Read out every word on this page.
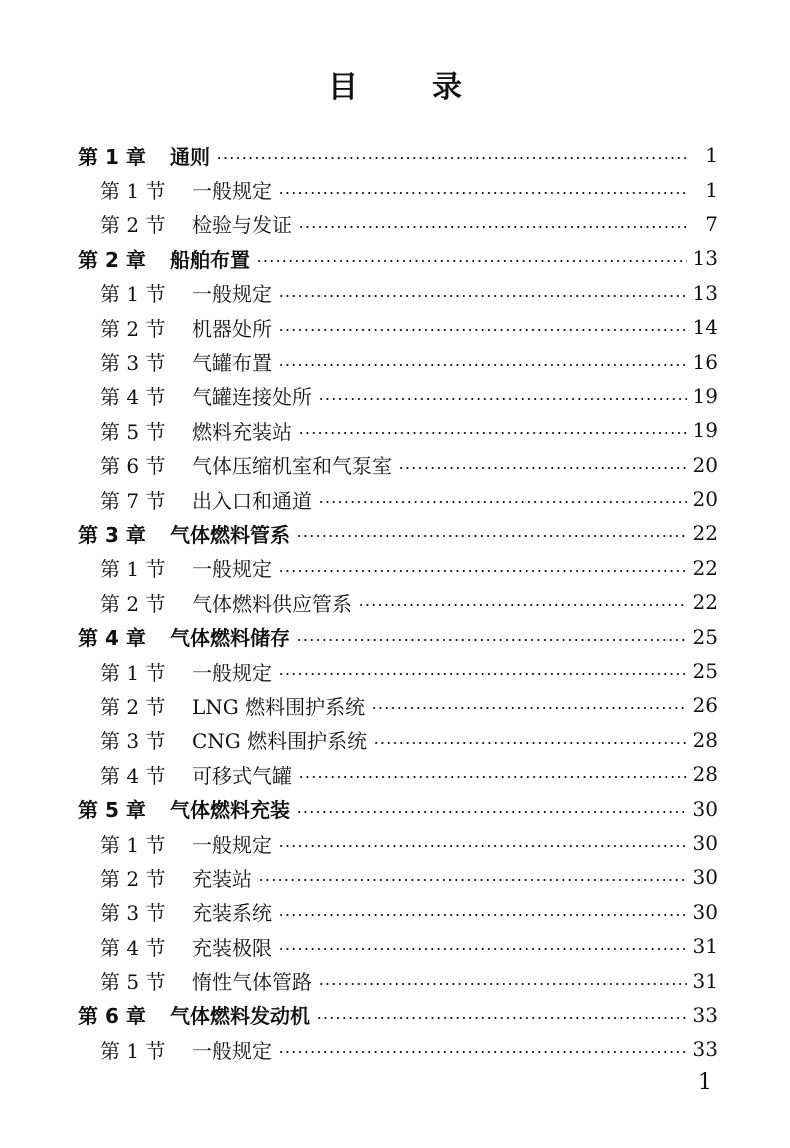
目 录
第 1 章	通则	1
第 1 节	一般规定	1
第 2 节	检验与发证	7
第 2 章	船舶布置	13
第 1 节	一般规定	13
第 2 节	机器处所	14
第 3 节	气罐布置	16
第 4 节	气罐连接处所	19
第 5 节	燃料充装站	19
第 6 节	气体压缩机室和气泵室	20
第 7 节	出入口和通道	20
第 3 章	气体燃料管系	22
第 1 节	一般规定	22
第 2 节	气体燃料供应管系	22
第 4 章	气体燃料储存	25
第 1 节	一般规定	25
第 2 节	LNG 燃料围护系统	26
第 3 节	CNG 燃料围护系统	28
第 4 节	可移式气罐	28
第 5 章	气体燃料充装	30
第 1 节	一般规定	30
第 2 节	充装站	30
第 3 节	充装系统	30
第 4 节	充装极限	31
第 5 节	惰性气体管路	31
第 6 章	气体燃料发动机	33
第 1 节	一般规定	33
1
